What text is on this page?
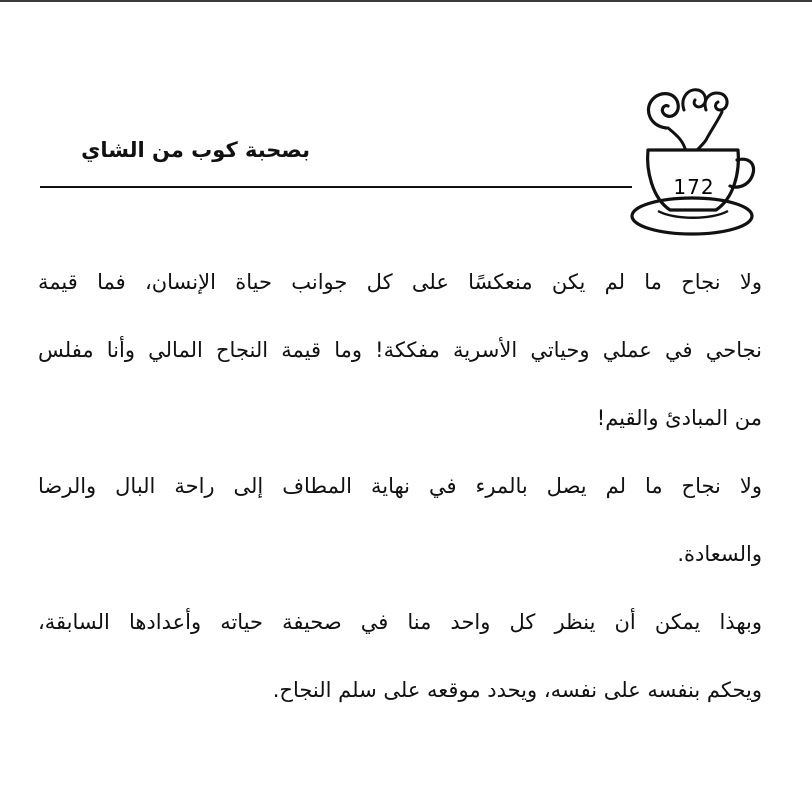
بصحبة كوب من الشاي
172
ولا نجاح ما لم يكن منعكسًا على كل جوانب حياة الإنسان، فما قيمة
نجاحي في عملي وحياتي الأسرية مفككة! وما قيمة النجاح المالي وأنا مفلس
من المبادئ والقيم!
ولا نجاح ما لم يصل بالمرء في نهاية المطاف إلى راحة البال والرضا
والسعادة.
وبهذا يمكن أن ينظر كل واحد منا في صحيفة حياته وأعدادها السابقة،
ويحكم بنفسه على نفسه، ويحدد موقعه على سلم النجاح.
